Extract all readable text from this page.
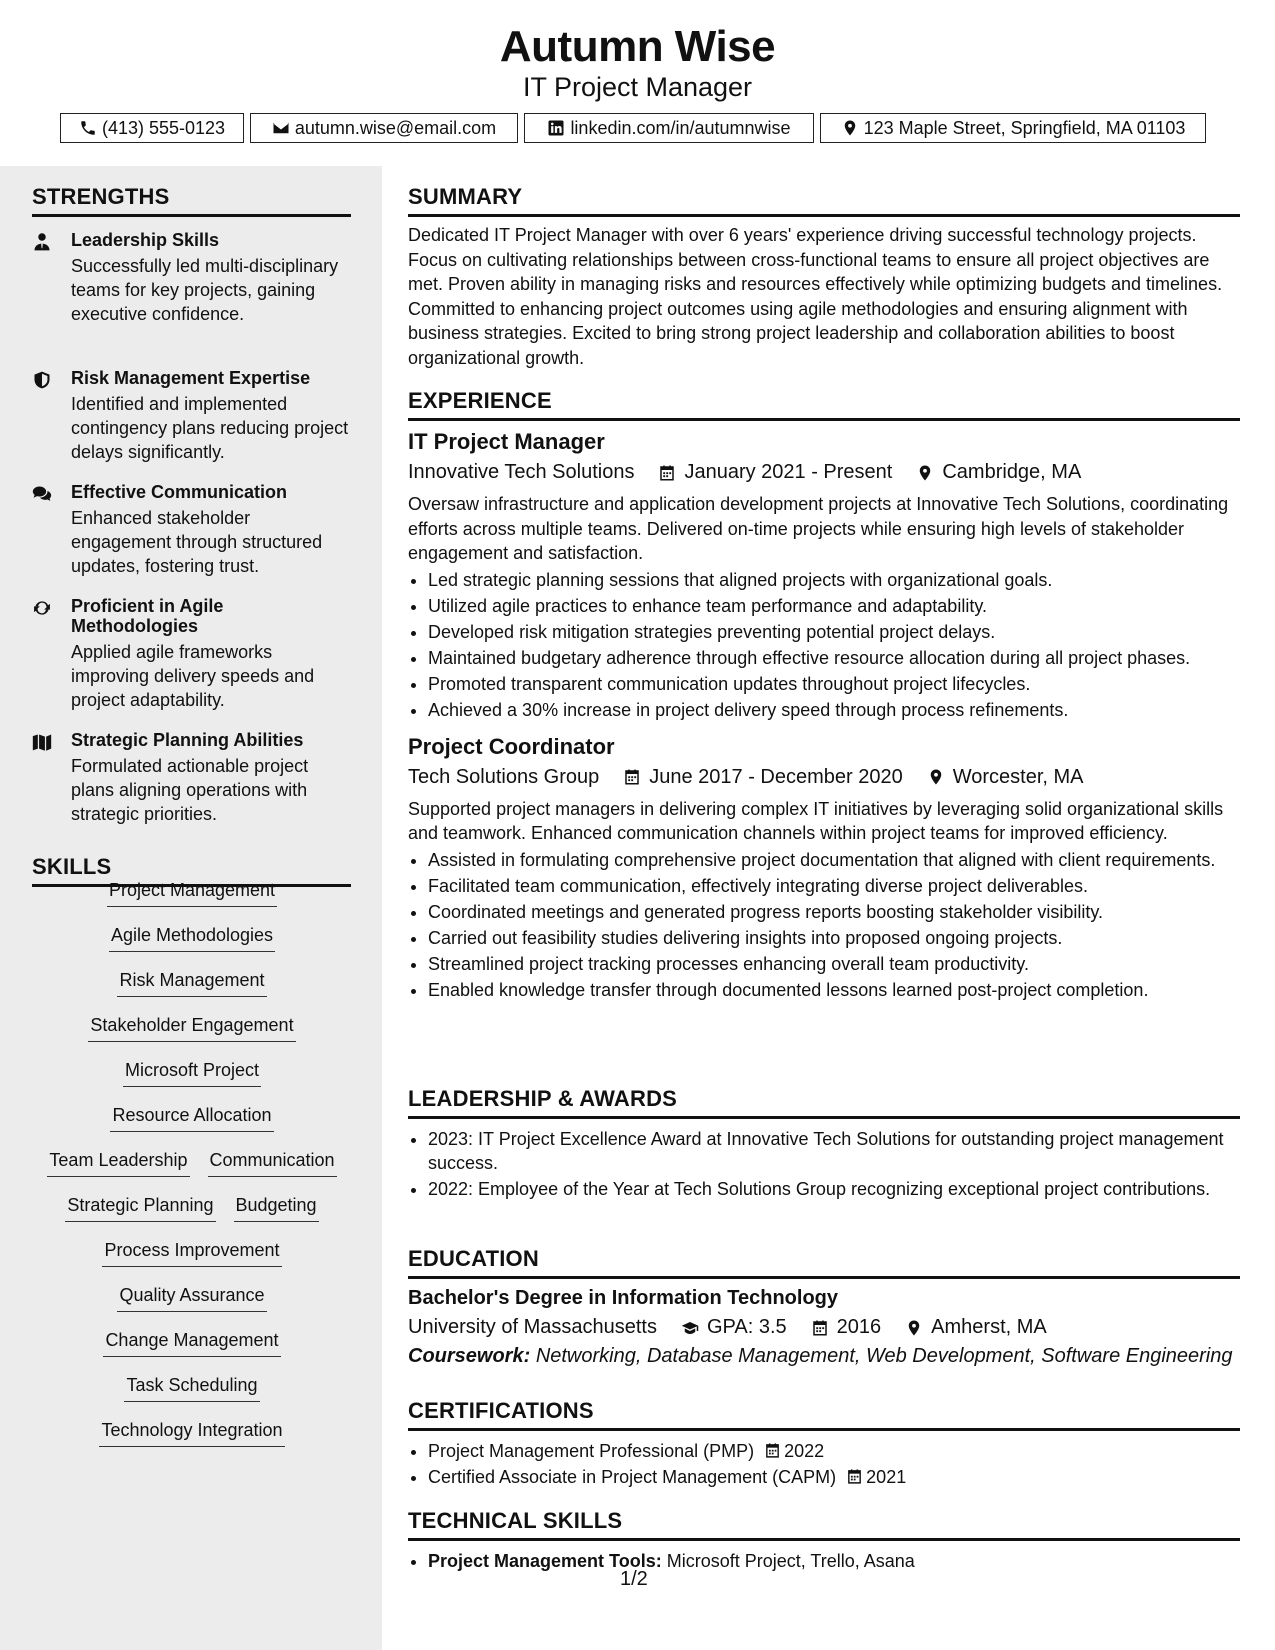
Autumn Wise
IT Project Manager
(413) 555-0123	autumn.wise@email.com	linkedin.com/in/autumnwise	123 Maple Street, Springfield, MA 01103
STRENGTHS
Leadership Skills
Successfully led multi-disciplinary teams for key projects, gaining executive confidence.
Risk Management Expertise
Identified and implemented contingency plans reducing project delays significantly.
Effective Communication
Enhanced stakeholder engagement through structured updates, fostering trust.
Proficient in Agile Methodologies
Applied agile frameworks improving delivery speeds and project adaptability.
Strategic Planning Abilities
Formulated actionable project plans aligning operations with strategic priorities.
SKILLS
Project Management
Agile Methodologies
Risk Management
Stakeholder Engagement
Microsoft Project
Resource Allocation
Team Leadership Communication
Strategic Planning Budgeting
Process Improvement
Quality Assurance
Change Management
Task Scheduling
Technology Integration
SUMMARY
Dedicated IT Project Manager with over 6 years' experience driving successful technology projects. Focus on cultivating relationships between cross-functional teams to ensure all project objectives are met. Proven ability in managing risks and resources effectively while optimizing budgets and timelines. Committed to enhancing project outcomes using agile methodologies and ensuring alignment with business strategies. Excited to bring strong project leadership and collaboration abilities to boost organizational growth.
EXPERIENCE
IT Project Manager
Innovative Tech Solutions	January 2021 - Present	Cambridge, MA
Oversaw infrastructure and application development projects at Innovative Tech Solutions, coordinating efforts across multiple teams. Delivered on-time projects while ensuring high levels of stakeholder engagement and satisfaction.
• Led strategic planning sessions that aligned projects with organizational goals.
• Utilized agile practices to enhance team performance and adaptability.
• Developed risk mitigation strategies preventing potential project delays.
• Maintained budgetary adherence through effective resource allocation during all project phases.
• Promoted transparent communication updates throughout project lifecycles.
• Achieved a 30% increase in project delivery speed through process refinements.
Project Coordinator
Tech Solutions Group	June 2017 - December 2020	Worcester, MA
Supported project managers in delivering complex IT initiatives by leveraging solid organizational skills and teamwork. Enhanced communication channels within project teams for improved efficiency.
• Assisted in formulating comprehensive project documentation that aligned with client requirements.
• Facilitated team communication, effectively integrating diverse project deliverables.
• Coordinated meetings and generated progress reports boosting stakeholder visibility.
• Carried out feasibility studies delivering insights into proposed ongoing projects.
• Streamlined project tracking processes enhancing overall team productivity.
• Enabled knowledge transfer through documented lessons learned post-project completion.
LEADERSHIP & AWARDS
• 2023: IT Project Excellence Award at Innovative Tech Solutions for outstanding project management success.
• 2022: Employee of the Year at Tech Solutions Group recognizing exceptional project contributions.
EDUCATION
Bachelor's Degree in Information Technology
University of Massachusetts	GPA: 3.5	2016	Amherst, MA
Coursework: Networking, Database Management, Web Development, Software Engineering
CERTIFICATIONS
• Project Management Professional (PMP) 2022
• Certified Associate in Project Management (CAPM) 2021
TECHNICAL SKILLS
• Project Management Tools: Microsoft Project, Trello, Asana
1/2
